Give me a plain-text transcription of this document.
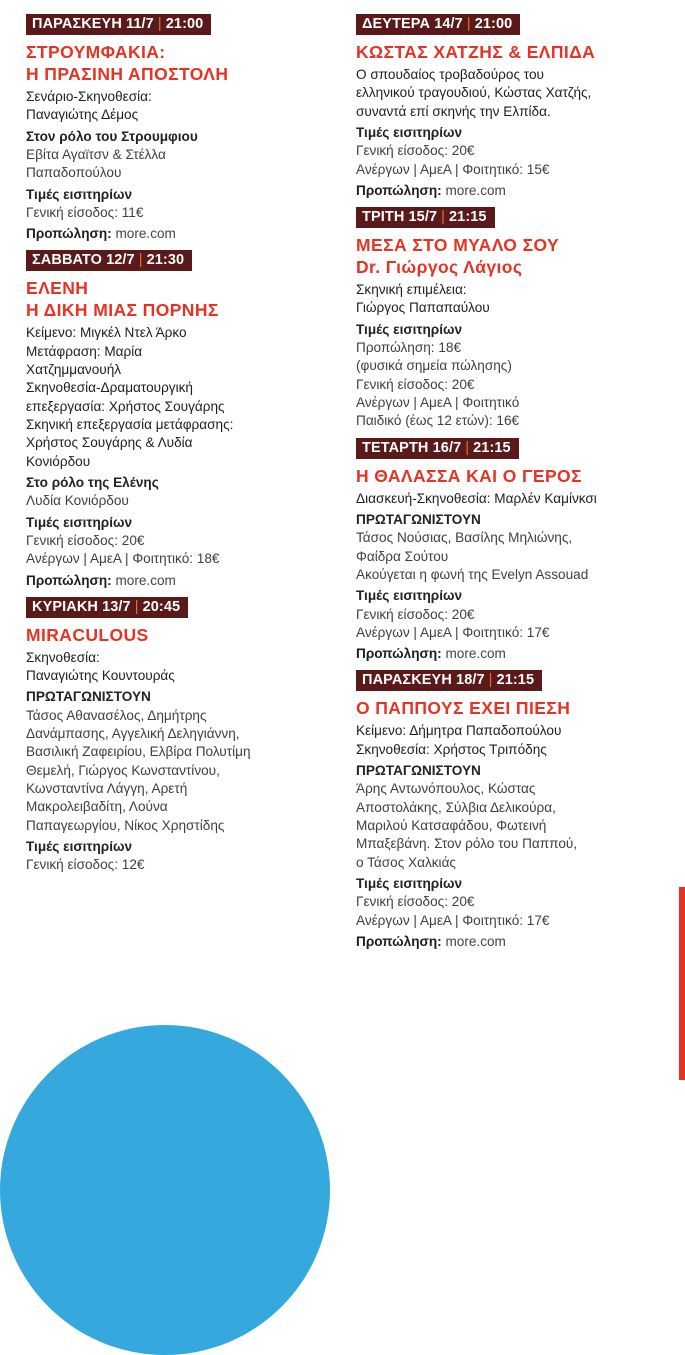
ΠΑΡΑΣΚΕΥΗ 11/7 | 21:00
ΣΤΡΟΥΜΦΑΚΙΑ:
Η ΠΡΑΣΙΝΗ ΑΠΟΣΤΟΛΗ
Σενάριο-Σκηνοθεσία:
Παναγιώτης Δέμος
Στον ρόλο του Στρουμφιου
Εβίτα Αγαϊτσν & Στέλλα
Παπαδοπούλου
Τιμές εισιτηρίων
Γενική είσοδος: 11€
Προπώληση: more.com
ΣΑΒΒΑΤΟ 12/7 | 21:30
ΕΛΕΝΗ
Η ΔΙΚΗ ΜΙΑΣ ΠΟΡΝΗΣ
Κείμενο: Μιγκέλ Ντελ Άρκο
Μετάφραση: Μαρία
Χατζημμανουήλ
Σκηνοθεσία-Δραματουργική
επεξεργασία: Χρήστος Σουγάρης
Σκηνική επεξεργασία μετάφρασης:
Χρήστος Σουγάρης & Λυδία
Κονιόρδου
Στο ρόλο της Ελένης
Λυδία Κονιόρδου
Τιμές εισιτηρίων
Γενική είσοδος: 20€
Ανέργων | ΑμεΑ | Φοιτητικό: 18€
Προπώληση: more.com
ΚΥΡΙΑΚΗ 13/7 | 20:45
MIRACULOUS
Σκηνοθεσία:
Παναγιώτης Κουντουράς
ΠΡΩΤΑΓΩΝΙΣΤΟΥΝ
Τάσος Αθανασέλος, Δημήτρης
Δανάμπασης, Αγγελική Δεληγιάννη,
Βασιλική Ζαφειρίου, Ελβίρα Πολυτίμη
Θεμελή, Γιώργος Κωνσταντίνου,
Κωνσταντίνα Λάγγη, Αρετή
Μακρολειβαδίτη, Λούνα
Παπαγεωργίου, Νίκος Χρηστίδης
Τιμές εισιτηρίων
Γενική είσοδος: 12€
ΔΕΥΤΕΡΑ 14/7 | 21:00
ΚΩΣΤΑΣ ΧΑΤΖΗΣ & ΕΛΠΙΔΑ
Ο σπουδαίος τροβαδούρος του
ελληνικού τραγουδιού, Κώστας Χατζής,
συναντά επί σκηνής την Ελπίδα.
Τιμές εισιτηρίων
Γενική είσοδος: 20€
Ανέργων | ΑμεΑ | Φοιτητικό: 15€
Προπώληση: more.com
ΤΡΙΤΗ 15/7 | 21:15
ΜΕΣΑ ΣΤΟ ΜΥΑΛΟ ΣΟΥ
Dr. Γιώργος Λάγιος
Σκηνική επιμέλεια:
Γιώργος Παπαπαύλου
Τιμές εισιτηρίων
Προπώληση: 18€
(φυσικά σημεία πώλησης)
Γενική είσοδος: 20€
Ανέργων | ΑμεΑ | Φοιτητικό
Παιδικό (έως 12 ετών): 16€
ΤΕΤΑΡΤΗ 16/7 | 21:15
Η ΘΑΛΑΣΣΑ ΚΑΙ Ο ΓΕΡΟΣ
Διασκευή-Σκηνοθεσία: Μαρλέν Καμίνκσι
ΠΡΩΤΑΓΩΝΙΣΤΟΥΝ
Τάσος Νούσιας, Βασίλης Μηλιώνης,
Φαίδρα Σούτου
Ακούγεται η φωνή της Evelyn Assouad
Τιμές εισιτηρίων
Γενική είσοδος: 20€
Ανέργων | ΑμεΑ | Φοιτητικό: 17€
Προπώληση: more.com
ΠΑΡΑΣΚΕΥΗ 18/7 | 21:15
Ο ΠΑΠΠΟΥΣ ΕΧΕΙ ΠΙΕΣΗ
Κείμενο: Δήμητρα Παπαδοπούλου
Σκηνοθεσία: Χρήστος Τριπόδης
ΠΡΩΤΑΓΩΝΙΣΤΟΥΝ
Άρης Αντωνόπουλος, Κώστας
Αποστολάκης, Σύλβια Δελικούρα,
Μαριλού Κατσαφάδου, Φωτεινή
Μπαξεβάνη. Στον ρόλο του Παππού,
ο Τάσος Χαλκιάς
Τιμές εισιτηρίων
Γενική είσοδος: 20€
Ανέργων | ΑμεΑ | Φοιτητικό: 17€
Προπώληση: more.com
